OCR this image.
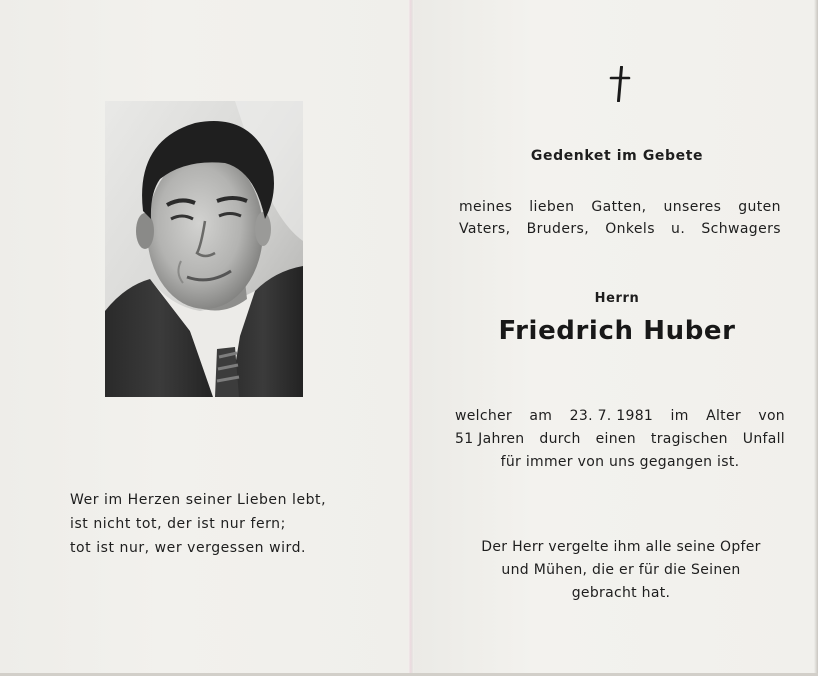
Wer im Herzen seiner Lieben lebt,
ist nicht tot, der ist nur fern;
tot ist nur, wer vergessen wird.

Gedenket im Gebete

meines lieben Gatten, unseres guten
Vaters, Bruders, Onkels u. Schwagers

Herrn

Friedrich Huber

welcher am 23. 7. 1981 im Alter von
51 Jahren durch einen tragischen Unfall
für immer von uns gegangen ist.

Der Herr vergelte ihm alle seine Opfer
und Mühen, die er für die Seinen
gebracht hat.
